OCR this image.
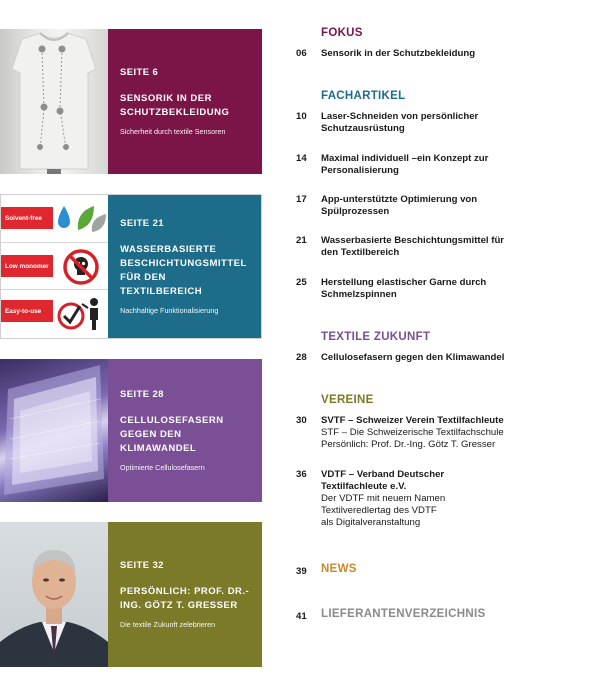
SEITE 6
SENSORIK IN DER SCHUTZBEKLEIDUNG
Sicherheit durch textile Sensoren
Solvent-free
Low monomer
Easy-to-use
SEITE 21
WASSERBASIERTE BESCHICHTUNGSMITTEL FÜR DEN TEXTILBEREICH
Nachhaltige Funktionalisierung
SEITE 28
CELLULOSEFASERN GEGEN DEN KLIMAWANDEL
Optimierte Cellulosefasern
SEITE 32
PERSÖNLICH: PROF. DR.-ING. GÖTZ T. GRESSER
Die textile Zukunft zelebrieren
FOKUS
06 Sensorik in der Schutzbekleidung
FACHARTIKEL
10 Laser-Schneiden von persönlicher
Schutzausrüstung
14 Maximal individuell –ein Konzept zur
Personalisierung
17 App-unterstützte Optimierung von
Spülprozessen
21 Wasserbasierte Beschichtungsmittel für
den Textilbereich
25 Herstellung elastischer Garne durch
Schmelzspinnen
TEXTILE ZUKUNFT
28 Cellulosefasern gegen den Klimawandel
VEREINE
30 SVTF – Schweizer Verein Textilfachleute
STF – Die Schweizerische Textilfachschule
Persönlich: Prof. Dr.-Ing. Götz T. Gresser
36 VDTF – Verband Deutscher
Textilfachleute e.V.
Der VDTF mit neuem Namen
Textilveredlertag des VDTF
als Digitalveranstaltung
39 NEWS
41 LIEFERANTENVERZEICHNIS
